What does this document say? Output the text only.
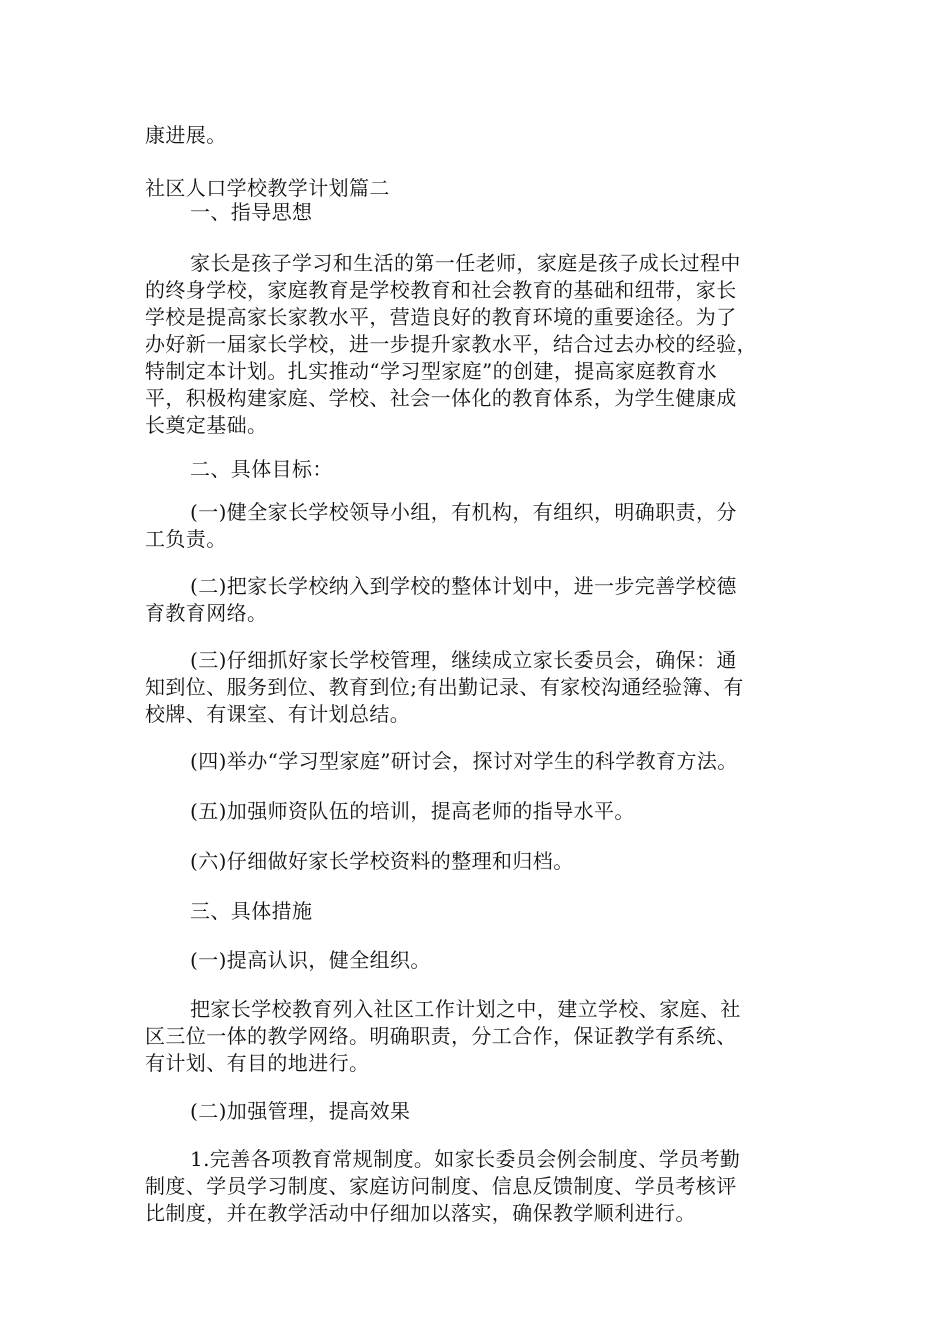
康进展。
社区人口学校教学计划篇二
一、指导思想
家长是孩子学习和生活的第一任老师，家庭是孩子成长过程中
的终身学校，家庭教育是学校教育和社会教育的基础和纽带，家长
学校是提高家长家教水平，营造良好的教育环境的重要途径。为了
办好新一届家长学校，进一步提升家教水平，结合过去办校的经验，
特制定本计划。扎实推动“学习型家庭”的创建，提高家庭教育水
平，积极构建家庭、学校、社会一体化的教育体系，为学生健康成
长奠定基础。
二、具体目标：
(一)健全家长学校领导小组，有机构，有组织，明确职责，分
工负责。
(二)把家长学校纳入到学校的整体计划中，进一步完善学校德
育教育网络。
(三)仔细抓好家长学校管理，继续成立家长委员会，确保：通
知到位、服务到位、教育到位;有出勤记录、有家校沟通经验簿、有
校牌、有课室、有计划总结。
(四)举办“学习型家庭”研讨会，探讨对学生的科学教育方法。
(五)加强师资队伍的培训，提高老师的指导水平。
(六)仔细做好家长学校资料的整理和归档。
三、具体措施
(一)提高认识，健全组织。
把家长学校教育列入社区工作计划之中，建立学校、家庭、社
区三位一体的教学网络。明确职责，分工合作，保证教学有系统、
有计划、有目的地进行。
(二)加强管理，提高效果
1.完善各项教育常规制度。如家长委员会例会制度、学员考勤
制度、学员学习制度、家庭访问制度、信息反馈制度、学员考核评
比制度，并在教学活动中仔细加以落实，确保教学顺利进行。
